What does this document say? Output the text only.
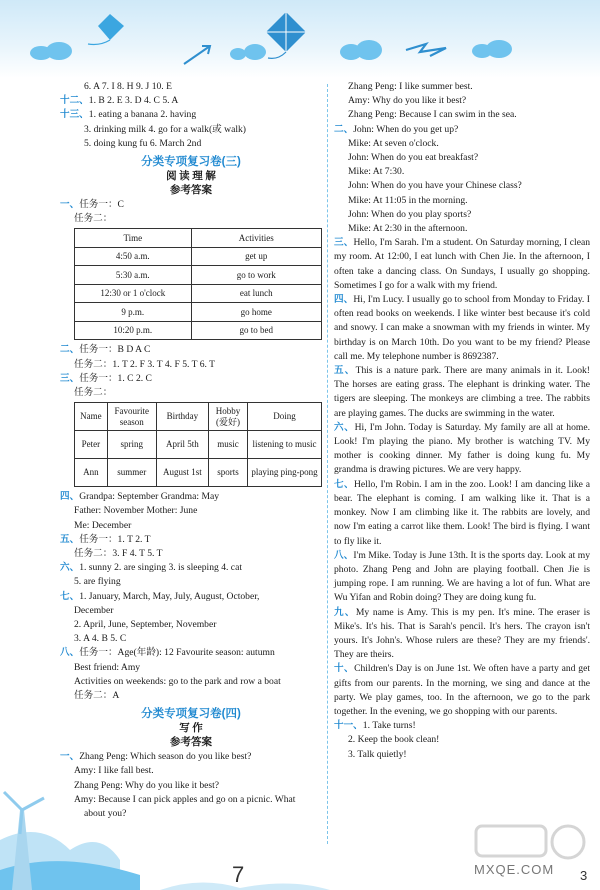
6. A 7. I 8. H 9. J 10. E
十二、1. B 2. E 3. D 4. C 5. A
十三、1. eating a banana 2. having
3. drinking milk 4. go for a walk(或 walk)
5. doing kung fu 6. March 2nd
分类专项复习卷(三)
阅 读 理 解
参考答案
一、任务一：C
任务二：
Time	Activities
4:50 a.m.	get up
5:30 a.m.	go to work
12:30 or 1 o'clock	eat lunch
9 p.m.	go home
10:20 p.m.	go to bed
二、任务一：B D A C
任务二：1. T 2. F 3. T 4. F 5. T 6. T
三、任务一：1. C 2. C
任务二：
Name	Favourite season	Birthday	Hobby (爱好)	Doing
Peter	spring	April 5th	music	listening to music
Ann	summer	August 1st	sports	playing ping-pong
四、Grandpa: September Grandma: May
Father: November Mother: June
Me: December
五、任务一：1. T 2. T
任务二：3. F 4. T 5. T
六、1. sunny 2. are singing 3. is sleeping 4. cat
5. are flying
七、1. January, March, May, July, August, October,
December
2. April, June, September, November
3. A 4. B 5. C
八、任务一：Age(年龄): 12 Favourite season: autumn
Best friend: Amy
Activities on weekends: go to the park and row a boat
任务二：A
分类专项复习卷(四)
写 作
参考答案
一、Zhang Peng: Which season do you like best?
Amy: I like fall best.
Zhang Peng: Why do you like it best?
Amy: Because I can pick apples and go on a picnic. What
about you?
Zhang Peng: I like summer best.
Amy: Why do you like it best?
Zhang Peng: Because I can swim in the sea.
二、John: When do you get up?
Mike: At seven o'clock.
John: When do you eat breakfast?
Mike: At 7:30.
John: When do you have your Chinese class?
Mike: At 11:05 in the morning.
John: When do you play sports?
Mike: At 2:30 in the afternoon.
三、Hello, I'm Sarah. I'm a student. On Saturday morning, I clean my room. At 12:00, I eat lunch with Chen Jie. In the afternoon, I often take a dancing class. On Sundays, I usually go shopping. Sometimes I go for a walk with my friend.
四、Hi, I'm Lucy. I usually go to school from Monday to Friday. I often read books on weekends. I like winter best because it's cold and snowy. I can make a snowman with my friends in winter. My birthday is on March 10th. Do you want to be my friend? Please call me. My telephone number is 8692387.
五、This is a nature park. There are many animals in it. Look! The horses are eating grass. The elephant is drinking water. The tigers are sleeping. The monkeys are climbing a tree. The rabbits are playing games. The ducks are swimming in the water.
六、Hi, I'm John. Today is Saturday. My family are all at home. Look! I'm playing the piano. My brother is watching TV. My mother is cooking dinner. My father is doing kung fu. My grandma is drawing pictures. We are very happy.
七、Hello, I'm Robin. I am in the zoo. Look! I am dancing like a bear. The elephant is coming. I am walking like it. That is a monkey. Now I am climbing like it. The rabbits are lovely, and now I'm eating a carrot like them. Look! The bird is flying. I want to fly like it.
八、I'm Mike. Today is June 13th. It is the sports day. Look at my photo. Zhang Peng and John are playing football. Chen Jie is jumping rope. I am running. We are having a lot of fun. What are Wu Yifan and Robin doing? They are doing kung fu.
九、My name is Amy. This is my pen. It's mine. The eraser is Mike's. It's his. That is Sarah's pencil. It's hers. The crayon isn't yours. It's John's. Whose rulers are these? They are my friends'. They are theirs.
十、Children's Day is on June 1st. We often have a party and get gifts from our parents. In the morning, we sing and dance at the party. We play games, too. In the afternoon, we go to the park together. In the evening, we go shopping with our parents.
十一、1. Take turns!
2. Keep the book clean!
3. Talk quietly!
MXQE.COM
7	3
